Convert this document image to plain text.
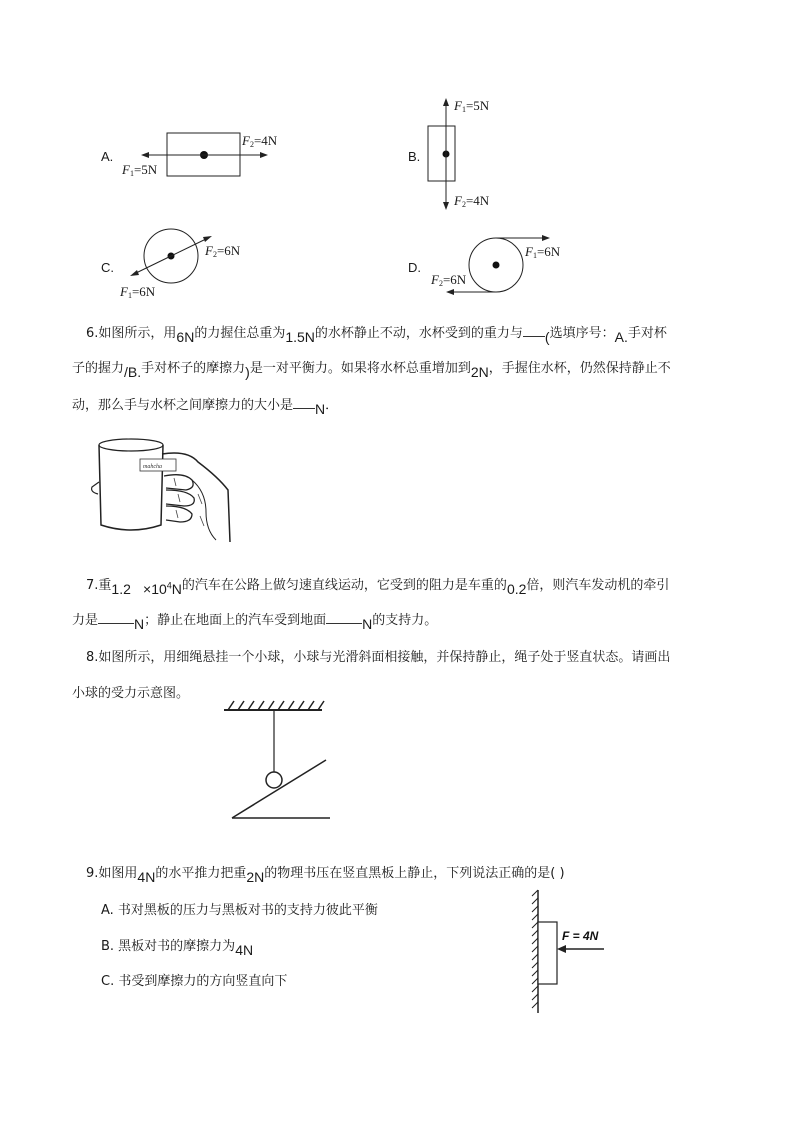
A.
$F_1=5N$
$F_2=4N$
B.
$F_1=5N$
$F_2=4N$
C.
$F_2=6N$
$F_1=6N$
D.
$F_1=6N$
$F_2=6N$
6.如图所示，用6N的力握住总重为1.5N的水杯静止不动，水杯受到的重力与 (选填序号：A.手对杯
子的握力/B.手对杯子的摩擦力)是一对平衡力。如果将水杯总重增加到2N，手握住水杯，仍然保持静止不
动，那么手与水杯之间摩擦力的大小是 N．
mahcha
7.重$1.2 \times 10^4N$的汽车在公路上做匀速直线运动，它受到的阻力是车重的0.2倍，则汽车发动机的牵引
力是	N；静止在地面上的汽车受到地面	N的支持力。
8.如图所示，用细绳悬挂一个小球，小球与光滑斜面相接触，并保持静止，绳子处于竖直状态。请画出
小球的受力示意图。
9.如图用4N的水平推力把重2N的物理书压在竖直黑板上静止，下列说法正确的是( )
A. 书对黑板的压力与黑板对书的支持力彼此平衡
B. 黑板对书的摩擦力为4N
C. 书受到摩擦力的方向竖直向下
F = 4N
